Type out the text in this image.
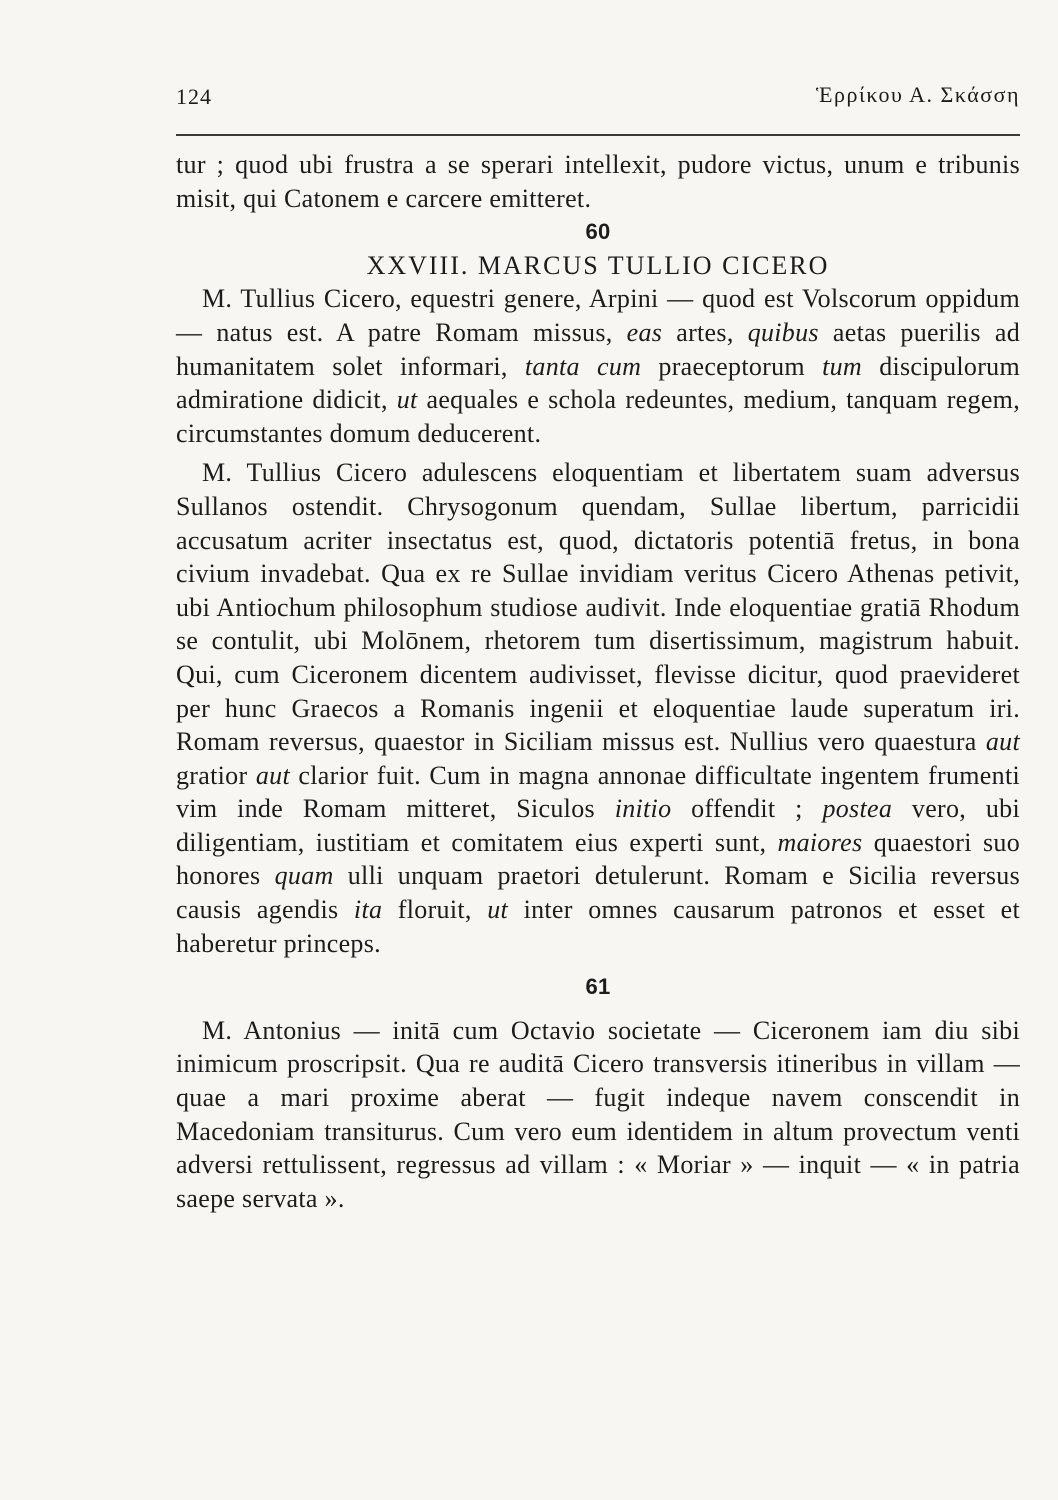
124	Ἑρρίκου Α. Σκάσση

tur ; quod ubi frustra a se sperari intellexit, pudore victus, unum e tribunis misit, qui Catonem e carcere emitteret.

60

XXVIII. MARCUS TULLIO CICERO

M. Tullius Cicero, equestri genere, Arpini — quod est Volscorum oppidum — natus est. A patre Romam missus, eas artes, quibus aetas puerilis ad humanitatem solet informari, tanta cum praeceptorum tum discipulorum admiratione didicit, ut aequales e schola redeuntes, medium, tanquam regem, circumstantes domum deducerent.

M. Tullius Cicero adulescens eloquentiam et libertatem suam adversus Sullanos ostendit. Chrysogonum quendam, Sullae libertum, parricidii accusatum acriter insectatus est, quod, dictatoris potentiā fretus, in bona civium invadebat. Qua ex re Sullae invidiam veritus Cicero Athenas petivit, ubi Antiochum philosophum studiose audivit. Inde eloquentiae gratiā Rhodum se contulit, ubi Molōnem, rhetorem tum disertissimum, magistrum habuit. Qui, cum Ciceronem dicentem audivisset, flevisse dicitur, quod praevideret per hunc Graecos a Romanis ingenii et eloquentiae laude superatum iri. Romam reversus, quaestor in Siciliam missus est. Nullius vero quaestura aut gratior aut clarior fuit. Cum in magna annonae difficultate ingentem frumenti vim inde Romam mitteret, Siculos initio offendit ; postea vero, ubi diligentiam, iustitiam et comitatem eius experti sunt, maiores quaestori suo honores quam ulli unquam praetori detulerunt. Romam e Sicilia reversus causis agendis ita floruit, ut inter omnes causarum patronos et esset et haberetur princeps.

61

M. Antonius — initā cum Octavio societate — Ciceronem iam diu sibi inimicum proscripsit. Qua re auditā Cicero transversis itineribus in villam — quae a mari proxime aberat — fugit indeque navem conscendit in Macedoniam transiturus. Cum vero eum identidem in altum provectum venti adversi rettulissent, regressus ad villam : « Moriar » — inquit — « in patria saepe servata ».
